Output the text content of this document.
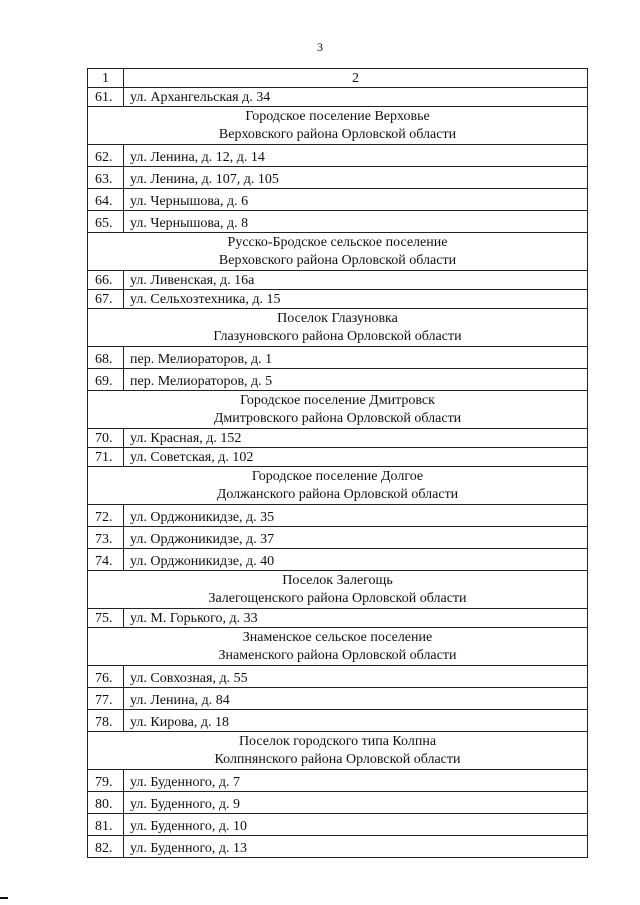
3
1	2
61.	ул. Архангельская д. 34

Городское поселение Верховье
Верховского района Орловской области	

62.	ул. Ленина, д. 12, д. 14
63.	ул. Ленина, д. 107, д. 105
64.	ул. Чернышова, д. 6
65.	ул. Чернышова, д. 8

Русско-Бродское сельское поселение
Верховского района Орловской области	

66.	ул. Ливенская, д. 16а
67.	ул. Сельхозтехника, д. 15

Поселок Глазуновка
Глазуновского района Орловской области	

68.	пер. Мелиораторов, д. 1
69.	пер. Мелиораторов, д. 5

Городское поселение Дмитровск
Дмитровского района Орловской области	

70.	ул. Красная, д. 152
71.	ул. Советская, д. 102

Городское поселение Долгое
Должанского района Орловской области	

72.	ул. Орджоникидзе, д. 35
73.	ул. Орджоникидзе, д. 37
74.	ул. Орджоникидзе, д. 40

Поселок Залегощь
Залегощенского района Орловской области	

75.	ул. М. Горького, д. 33

Знаменское сельское поселение
Знаменского района Орловской области	

76.	ул. Совхозная, д. 55
77.	ул. Ленина, д. 84
78.	ул. Кирова, д. 18

Поселок городского типа Колпна
Колпнянского района Орловской области	

79.	ул. Буденного, д. 7
80.	ул. Буденного, д. 9
81.	ул. Буденного, д. 10
82.	ул. Буденного, д. 13
